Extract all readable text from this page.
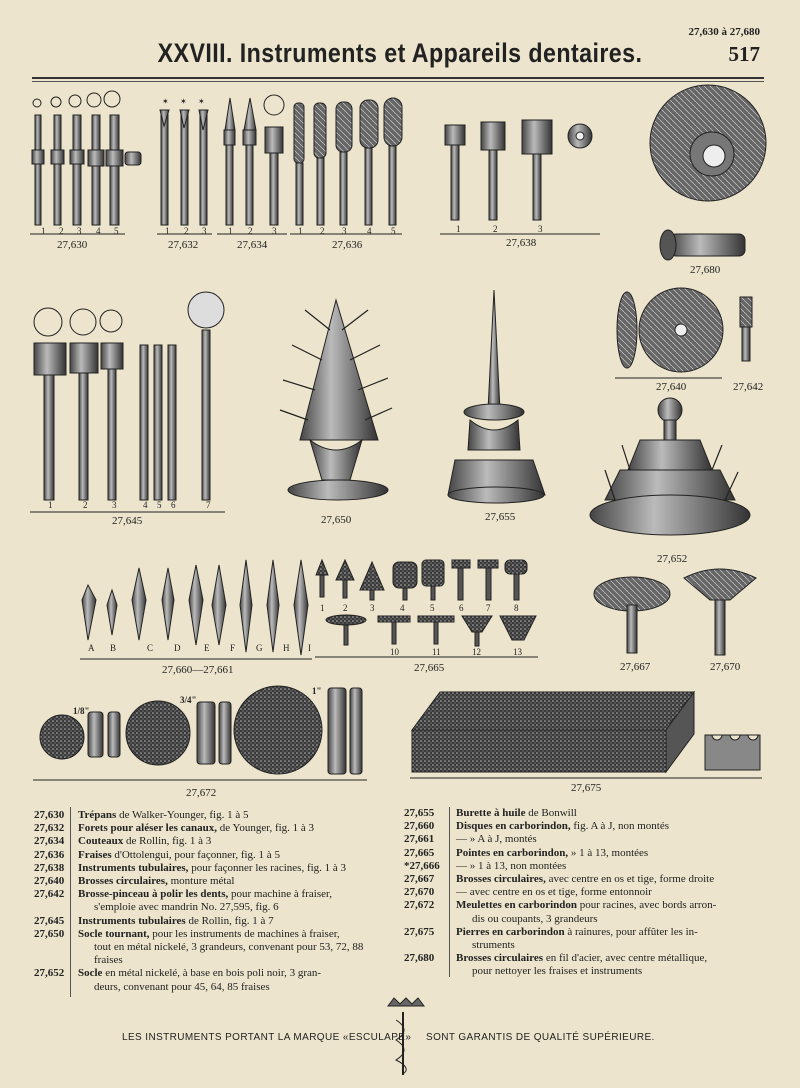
27,630 à 27,680
517
XXVIII. Instruments et Appareils dentaires.
✶ ✶ ✶
27,630	27,632	27,634	27,636	27,638
27,680
27,640	27,642
27,645	27,650	27,655
27,652
27,660—27,661	27,665	27,667	27,670
27,672	27,675
1 2 3 4 5	1 2 3 1 2 3 1 2 3 4 5	1	2	3
1	2	3	4 5 6	7
A B	C D	E F G H I
1 2	3	4	5	6	7	8
10	11	12	13
1/8"
3/4"
1"
27,630	Trépans de Walker-Younger, fig. 1 à 5
27,632	Forets pour aléser les canaux, de Younger, fig. 1 à 3
27,634	Couteaux de Rollin, fig. 1 à 3
27,636	Fraises d'Ottolengui, pour façonner, fig. 1 à 5
27,638	Instruments tubulaires, pour façonner les racines, fig. 1 à 3
27,640	Brosses circulaires, monture métal
27,642	Brosse-pinceau à polir les dents, pour machine à fraiser,
s'emploie avec mandrin No. 27,595, fig. 6
27,645	Instruments tubulaires de Rollin, fig. 1 à 7
27,650	Socle tournant, pour les instruments de machines à fraiser,
tout en métal nickelé, 3 grandeurs, convenant pour 53, 72, 88 fraises
27,652	Socle en métal nickelé, à base en bois poli noir, 3 gran-
deurs, convenant pour 45, 64, 85 fraises
27,655	Burette à huile de Bonwill
27,660	Disques en carborindon, fig. A à J, non montés
27,661	— » A à J, montés
27,665	Pointes en carborindon, » 1 à 13, montées
*27,666	— » 1 à 13, non montées
27,667	Brosses circulaires, avec centre en os et tige, forme droite
27,670	— avec centre en os et tige, forme entonnoir
27,672	Meulettes en carborindon pour racines, avec bords arron-
dis ou coupants, 3 grandeurs
27,675	Pierres en carborindon à rainures, pour affûter les in-
struments
27,680	Brosses circulaires en fil d'acier, avec centre métallique,
pour nettoyer les fraises et instruments
LES INSTRUMENTS PORTANT LA MARQUE «ESCULAPE» SONT GARANTIS DE QUALITÉ SUPÉRIEURE.
